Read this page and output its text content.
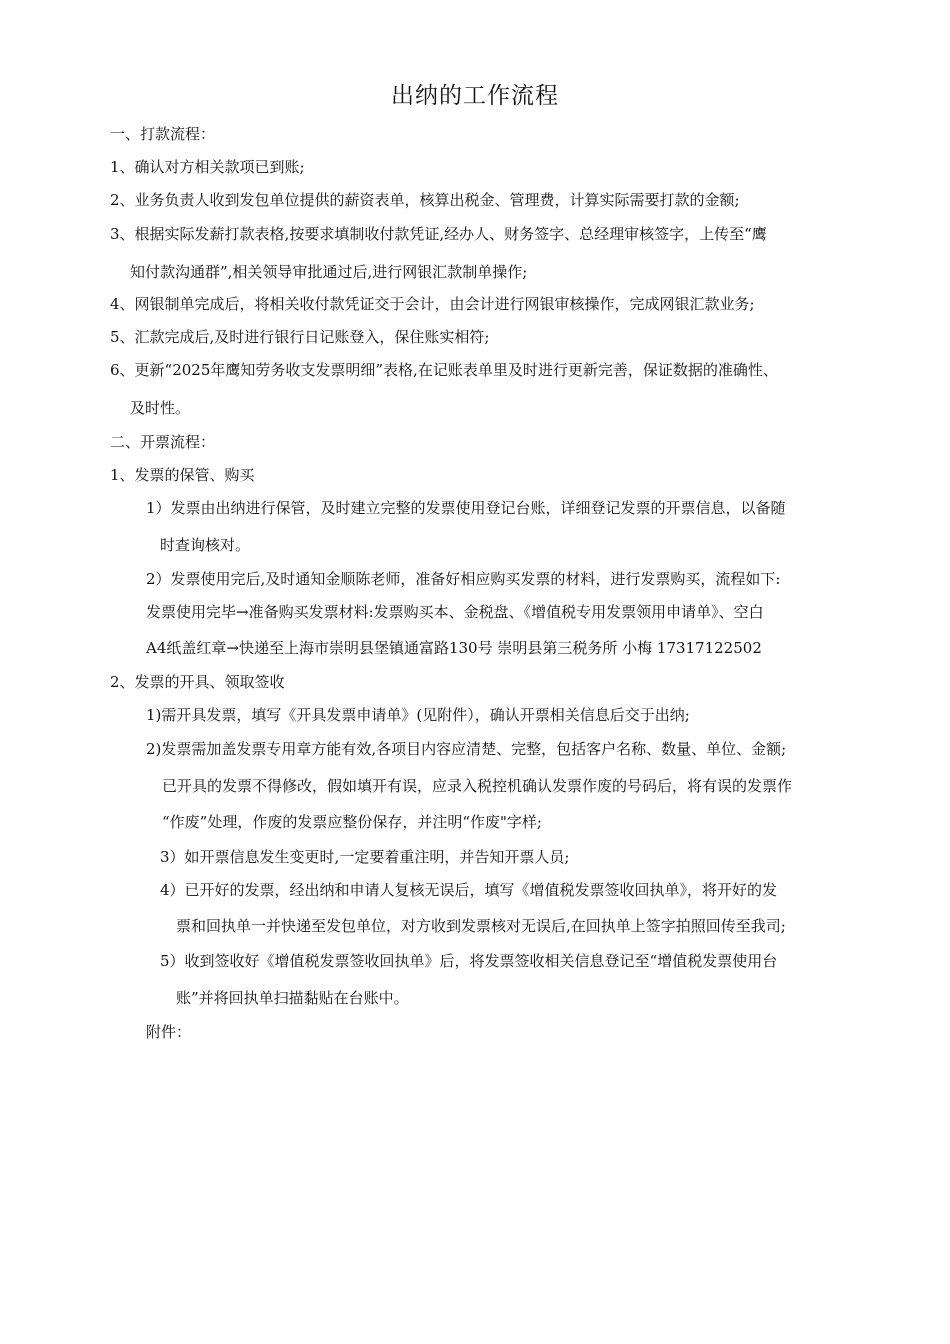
出纳的工作流程
一、打款流程：
1、确认对方相关款项已到账;
2、业务负责人收到发包单位提供的薪资表单，核算出税金、管理费，计算实际需要打款的金额;
3、根据实际发薪打款表格,按要求填制收付款凭证,经办人、财务签字、总经理审核签字，上传至“鹰
知付款沟通群”,相关领导审批通过后,进行网银汇款制单操作;
4、网银制单完成后，将相关收付款凭证交于会计，由会计进行网银审核操作，完成网银汇款业务;
5、汇款完成后,及时进行银行日记账登入，保住账实相符;
6、更新“2025年鹰知劳务收支发票明细”表格,在记账表单里及时进行更新完善，保证数据的准确性、
及时性。
二、开票流程：
1、发票的保管、购买
1）发票由出纳进行保管，及时建立完整的发票使用登记台账，详细登记发票的开票信息，以备随
时查询核对。
2）发票使用完后,及时通知金顺陈老师，准备好相应购买发票的材料，进行发票购买，流程如下:
发票使用完毕→准备购买发票材料:发票购买本、金税盘、《增值税专用发票领用申请单》、空白
A4纸盖红章→快递至上海市崇明县堡镇通富路130号 崇明县第三税务所 小梅 17317122502
2、发票的开具、领取签收
1)需开具发票，填写《开具发票申请单》(见附件），确认开票相关信息后交于出纳;
2)发票需加盖发票专用章方能有效,各项目内容应清楚、完整，包括客户名称、数量、单位、金额;
已开具的发票不得修改，假如填开有误，应录入税控机确认发票作废的号码后，将有误的发票作
“作废”处理，作废的发票应整份保存，并注明“作废"字样;
3）如开票信息发生变更时,一定要着重注明，并告知开票人员;
4）已开好的发票，经出纳和申请人复核无误后，填写《增值税发票签收回执单》，将开好的发
票和回执单一并快递至发包单位，对方收到发票核对无误后,在回执单上签字拍照回传至我司;
5）收到签收好《增值税发票签收回执单》后，将发票签收相关信息登记至“增值税发票使用台
账”并将回执单扫描黏贴在台账中。
附件：
